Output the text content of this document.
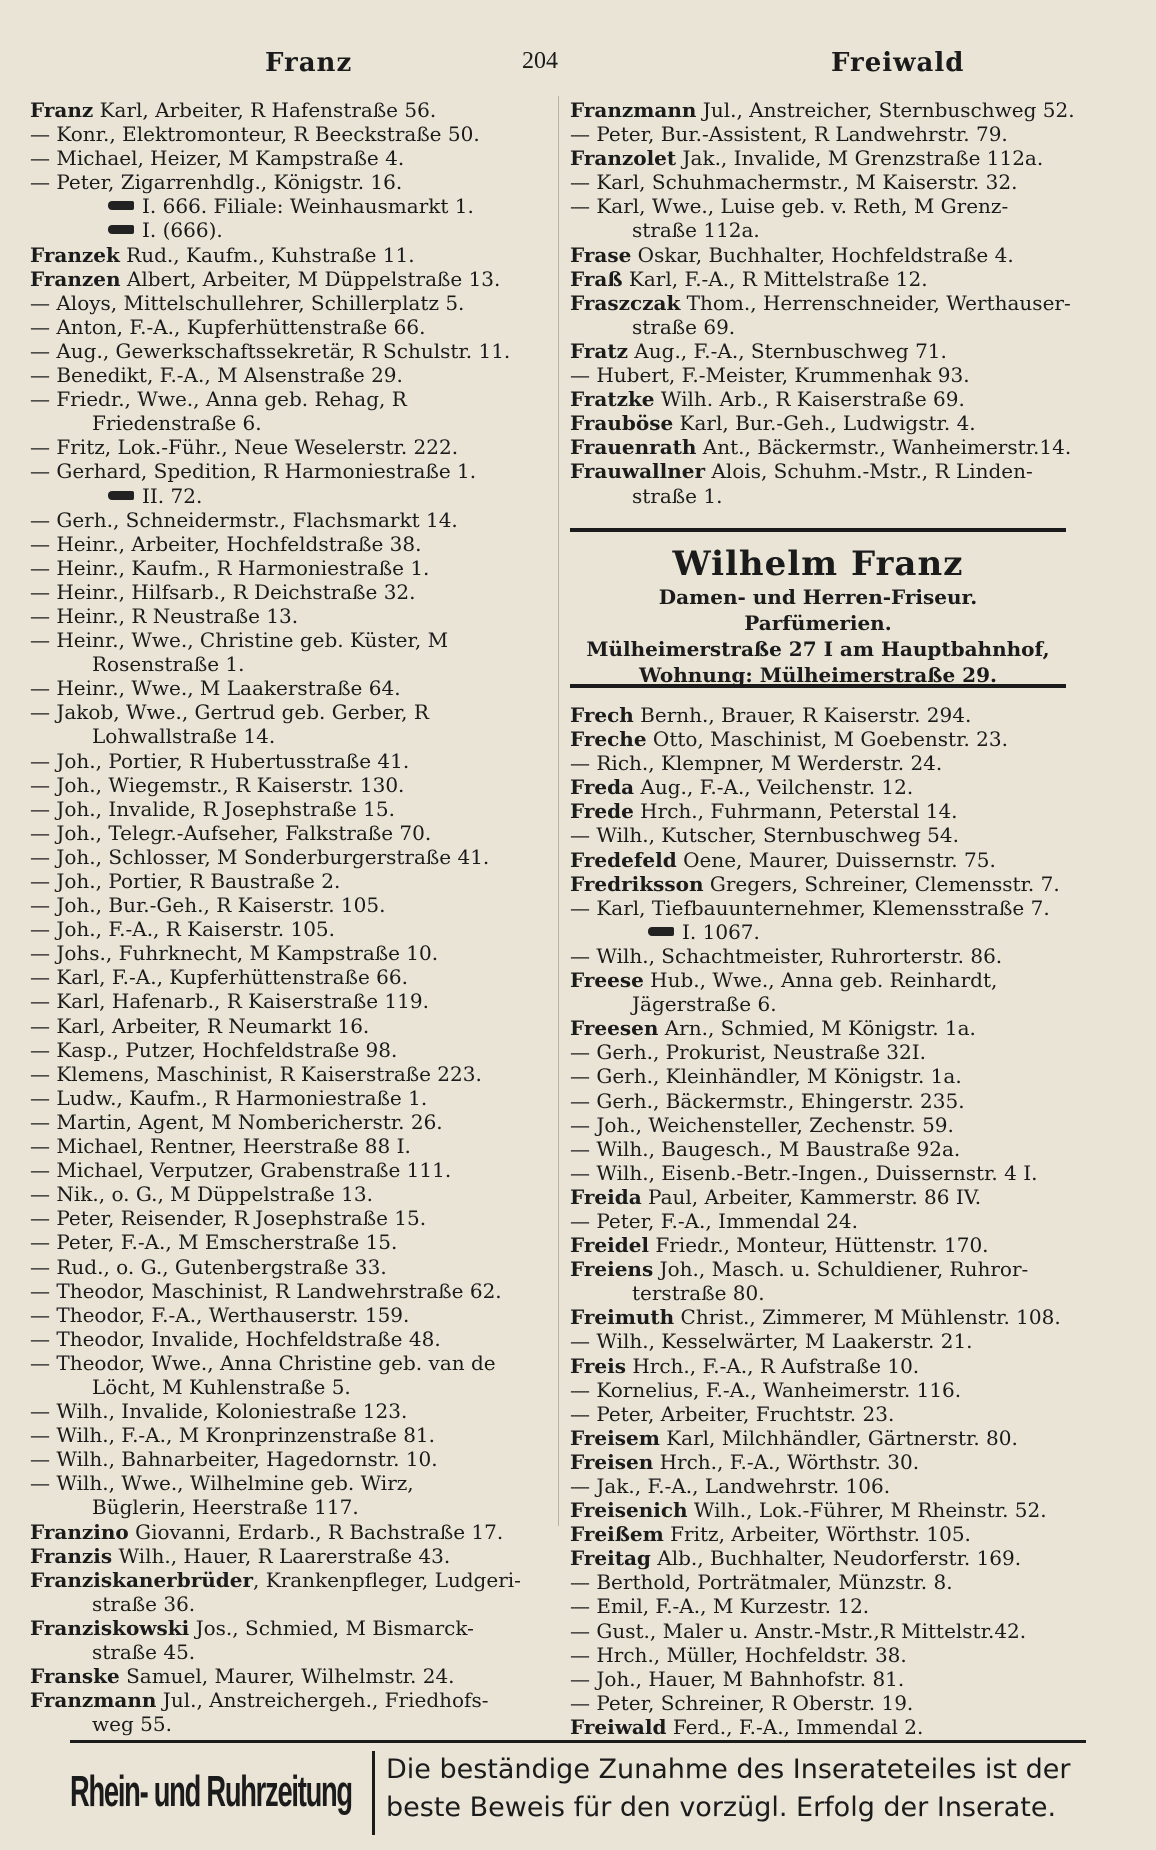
Franz	204	Freiwald
Franz Karl, Arbeiter, R Hafenstraße 56.
— Konr., Elektromonteur, R Beeckstraße 50.
— Michael, Heizer, M Kampstraße 4.
— Peter, Zigarrenhdlg., Königstr. 16.
I. 666. Filiale: Weinhausmarkt 1.
I. (666).
Franzek Rud., Kaufm., Kuhstraße 11.
Franzen Albert, Arbeiter, M Düppelstraße 13.
— Aloys, Mittelschullehrer, Schillerplatz 5.
— Anton, F.-A., Kupferhüttenstraße 66.
— Aug., Gewerkschaftssekretär, R Schulstr. 11.
— Benedikt, F.-A., M Alsenstraße 29.
— Friedr., Wwe., Anna geb. Rehag, R
Friedenstraße 6.
— Fritz, Lok.-Führ., Neue Weselerstr. 222.
— Gerhard, Spedition, R Harmoniestraße 1.
II. 72.
— Gerh., Schneidermstr., Flachsmarkt 14.
— Heinr., Arbeiter, Hochfeldstraße 38.
— Heinr., Kaufm., R Harmoniestraße 1.
— Heinr., Hilfsarb., R Deichstraße 32.
— Heinr., R Neustraße 13.
— Heinr., Wwe., Christine geb. Küster, M
Rosenstraße 1.
— Heinr., Wwe., M Laakerstraße 64.
— Jakob, Wwe., Gertrud geb. Gerber, R
Lohwallstraße 14.
— Joh., Portier, R Hubertusstraße 41.
— Joh., Wiegemstr., R Kaiserstr. 130.
— Joh., Invalide, R Josephstraße 15.
— Joh., Telegr.-Aufseher, Falkstraße 70.
— Joh., Schlosser, M Sonderburgerstraße 41.
— Joh., Portier, R Baustraße 2.
— Joh., Bur.-Geh., R Kaiserstr. 105.
— Joh., F.-A., R Kaiserstr. 105.
— Johs., Fuhrknecht, M Kampstraße 10.
— Karl, F.-A., Kupferhüttenstraße 66.
— Karl, Hafenarb., R Kaiserstraße 119.
— Karl, Arbeiter, R Neumarkt 16.
— Kasp., Putzer, Hochfeldstraße 98.
— Klemens, Maschinist, R Kaiserstraße 223.
— Ludw., Kaufm., R Harmoniestraße 1.
— Martin, Agent, M Nombericherstr. 26.
— Michael, Rentner, Heerstraße 88 I.
— Michael, Verputzer, Grabenstraße 111.
— Nik., o. G., M Düppelstraße 13.
— Peter, Reisender, R Josephstraße 15.
— Peter, F.-A., M Emscherstraße 15.
— Rud., o. G., Gutenbergstraße 33.
— Theodor, Maschinist, R Landwehrstraße 62.
— Theodor, F.-A., Werthauserstr. 159.
— Theodor, Invalide, Hochfeldstraße 48.
— Theodor, Wwe., Anna Christine geb. van de
Löcht, M Kuhlenstraße 5.
— Wilh., Invalide, Koloniestraße 123.
— Wilh., F.-A., M Kronprinzenstraße 81.
— Wilh., Bahnarbeiter, Hagedornstr. 10.
— Wilh., Wwe., Wilhelmine geb. Wirz,
Büglerin, Heerstraße 117.
Franzino Giovanni, Erdarb., R Bachstraße 17.
Franzis Wilh., Hauer, R Laarerstraße 43.
Franziskanerbrüder, Krankenpfleger, Ludgeri-
straße 36.
Franziskowski Jos., Schmied, M Bismarck-
straße 45.
Franske Samuel, Maurer, Wilhelmstr. 24.
Franzmann Jul., Anstreichergeh., Friedhofs-
weg 55.
Franzmann Jul., Anstreicher, Sternbuschweg 52.
— Peter, Bur.-Assistent, R Landwehrstr. 79.
Franzolet Jak., Invalide, M Grenzstraße 112a.
— Karl, Schuhmachermstr., M Kaiserstr. 32.
— Karl, Wwe., Luise geb. v. Reth, M Grenz-
straße 112a.
Frase Oskar, Buchhalter, Hochfeldstraße 4.
Fraß Karl, F.-A., R Mittelstraße 12.
Fraszczak Thom., Herrenschneider, Werthauser-
straße 69.
Fratz Aug., F.-A., Sternbuschweg 71.
— Hubert, F.-Meister, Krummenhak 93.
Fratzke Wilh. Arb., R Kaiserstraße 69.
Frauböse Karl, Bur.-Geh., Ludwigstr. 4.
Frauenrath Ant., Bäckermstr., Wanheimerstr.14.
Frauwallner Alois, Schuhm.-Mstr., R Linden-
straße 1.
Wilhelm Franz
Damen- und Herren-Friseur.
Parfümerien.
Mülheimerstraße 27 I am Hauptbahnhof,
Wohnung: Mülheimerstraße 29.
Frech Bernh., Brauer, R Kaiserstr. 294.
Freche Otto, Maschinist, M Goebenstr. 23.
— Rich., Klempner, M Werderstr. 24.
Freda Aug., F.-A., Veilchenstr. 12.
Frede Hrch., Fuhrmann, Peterstal 14.
— Wilh., Kutscher, Sternbuschweg 54.
Fredefeld Oene, Maurer, Duissernstr. 75.
Fredriksson Gregers, Schreiner, Clemensstr. 7.
— Karl, Tiefbauunternehmer, Klemensstraße 7.
I. 1067.
— Wilh., Schachtmeister, Ruhrorterstr. 86.
Freese Hub., Wwe., Anna geb. Reinhardt,
Jägerstraße 6.
Freesen Arn., Schmied, M Königstr. 1a.
— Gerh., Prokurist, Neustraße 32I.
— Gerh., Kleinhändler, M Königstr. 1a.
— Gerh., Bäckermstr., Ehingerstr. 235.
— Joh., Weichensteller, Zechenstr. 59.
— Wilh., Baugesch., M Baustraße 92a.
— Wilh., Eisenb.-Betr.-Ingen., Duissernstr. 4 I.
Freida Paul, Arbeiter, Kammerstr. 86 IV.
— Peter, F.-A., Immendal 24.
Freidel Friedr., Monteur, Hüttenstr. 170.
Freiens Joh., Masch. u. Schuldiener, Ruhror-
terstraße 80.
Freimuth Christ., Zimmerer, M Mühlenstr. 108.
— Wilh., Kesselwärter, M Laakerstr. 21.
Freis Hrch., F.-A., R Aufstraße 10.
— Kornelius, F.-A., Wanheimerstr. 116.
— Peter, Arbeiter, Fruchtstr. 23.
Freisem Karl, Milchhändler, Gärtnerstr. 80.
Freisen Hrch., F.-A., Wörthstr. 30.
— Jak., F.-A., Landwehrstr. 106.
Freisenich Wilh., Lok.-Führer, M Rheinstr. 52.
Freißem Fritz, Arbeiter, Wörthstr. 105.
Freitag Alb., Buchhalter, Neudorferstr. 169.
— Berthold, Porträtmaler, Münzstr. 8.
— Emil, F.-A., M Kurzestr. 12.
— Gust., Maler u. Anstr.-Mstr.,R Mittelstr.42.
— Hrch., Müller, Hochfeldstr. 38.
— Joh., Hauer, M Bahnhofstr. 81.
— Peter, Schreiner, R Oberstr. 19.
Freiwald Ferd., F.-A., Immendal 2.
Rhein- und Ruhrzeitung Die beständige Zunahme des Inserateteiles ist der
beste Beweis für den vorzügl. Erfolg der Inserate.
